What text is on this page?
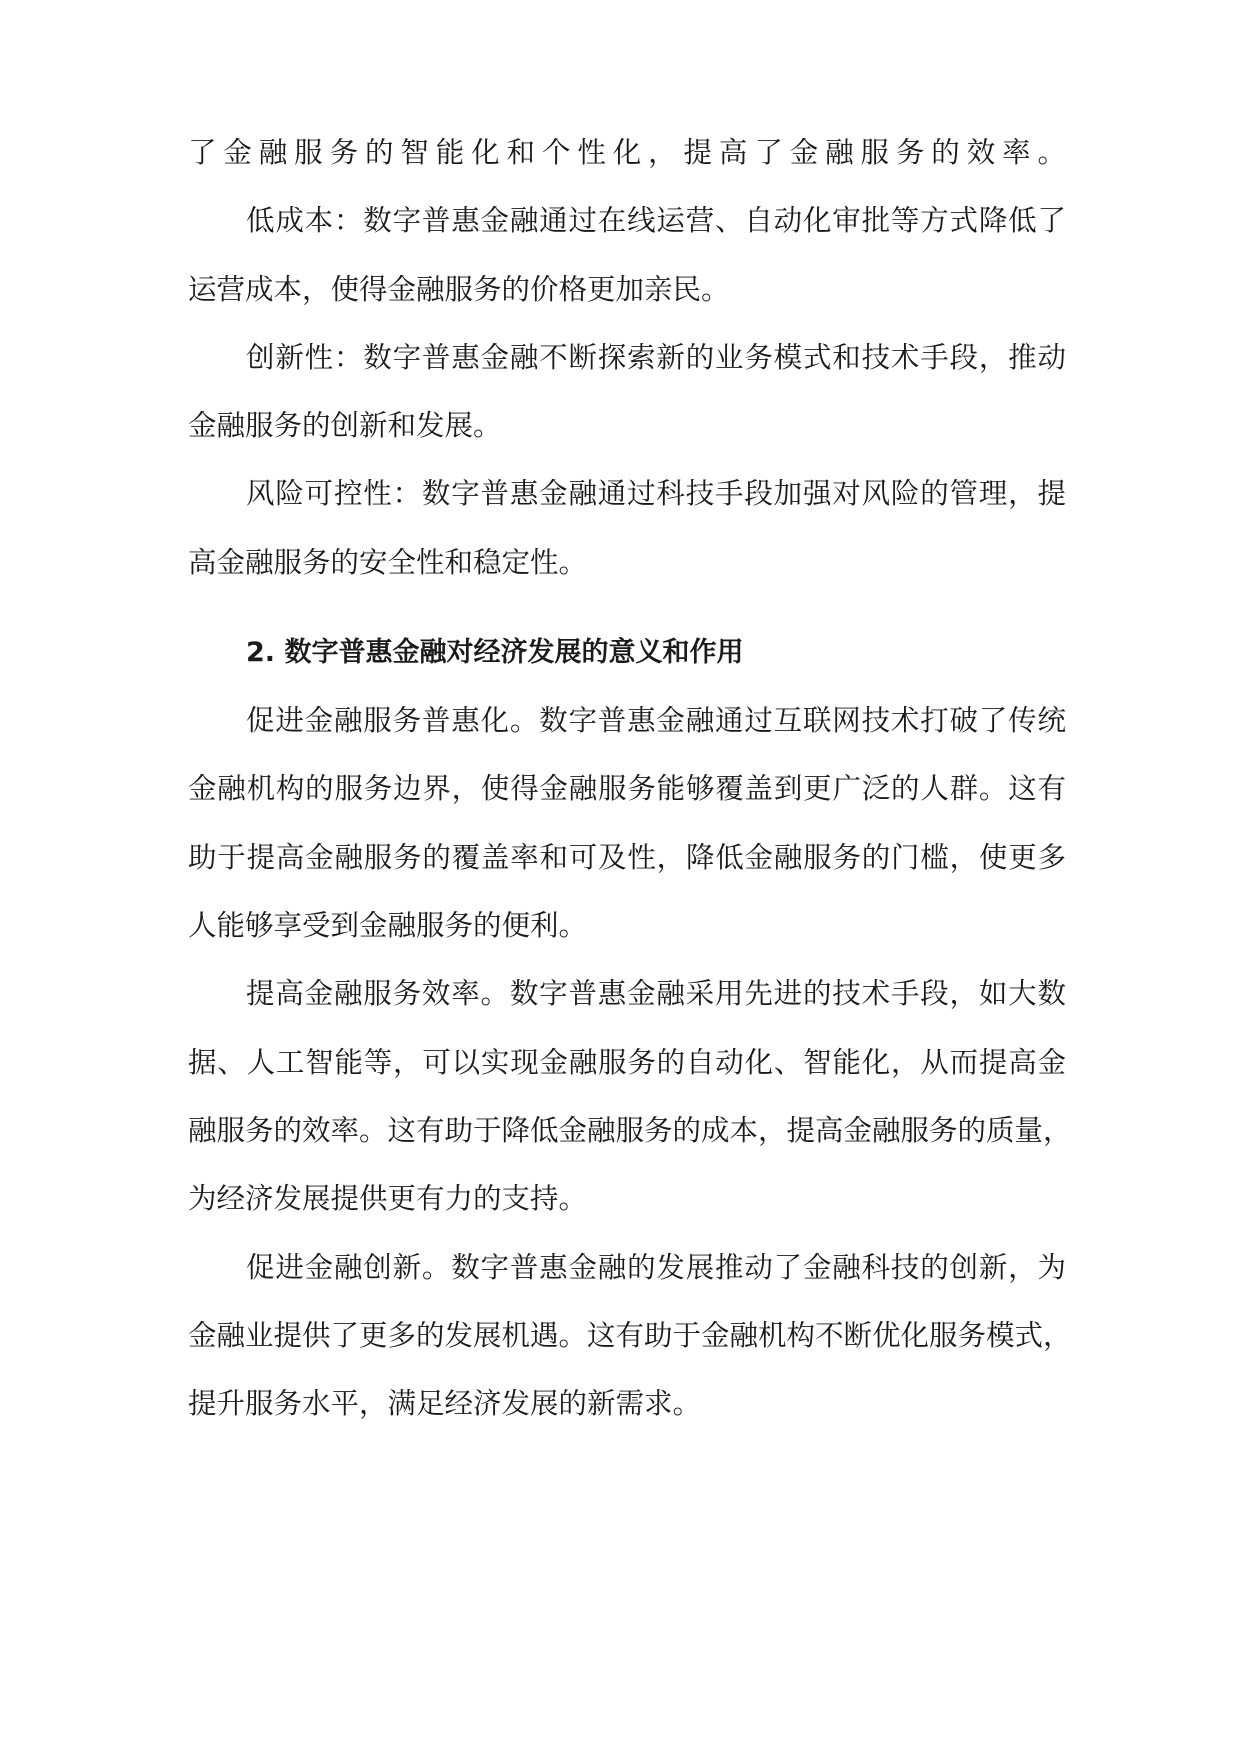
了金融服务的智能化和个性化，提高了金融服务的效率。
低成本：数字普惠金融通过在线运营、自动化审批等方式降低了
运营成本，使得金融服务的价格更加亲民。
创新性：数字普惠金融不断探索新的业务模式和技术手段，推动
金融服务的创新和发展。
风险可控性：数字普惠金融通过科技手段加强对风险的管理，提
高金融服务的安全性和稳定性。
2. 数字普惠金融对经济发展的意义和作用
促进金融服务普惠化。数字普惠金融通过互联网技术打破了传统
金融机构的服务边界，使得金融服务能够覆盖到更广泛的人群。这有
助于提高金融服务的覆盖率和可及性，降低金融服务的门槛，使更多
人能够享受到金融服务的便利。
提高金融服务效率。数字普惠金融采用先进的技术手段，如大数
据、人工智能等，可以实现金融服务的自动化、智能化，从而提高金
融服务的效率。这有助于降低金融服务的成本，提高金融服务的质量，
为经济发展提供更有力的支持。
促进金融创新。数字普惠金融的发展推动了金融科技的创新，为
金融业提供了更多的发展机遇。这有助于金融机构不断优化服务模式，
提升服务水平，满足经济发展的新需求。
